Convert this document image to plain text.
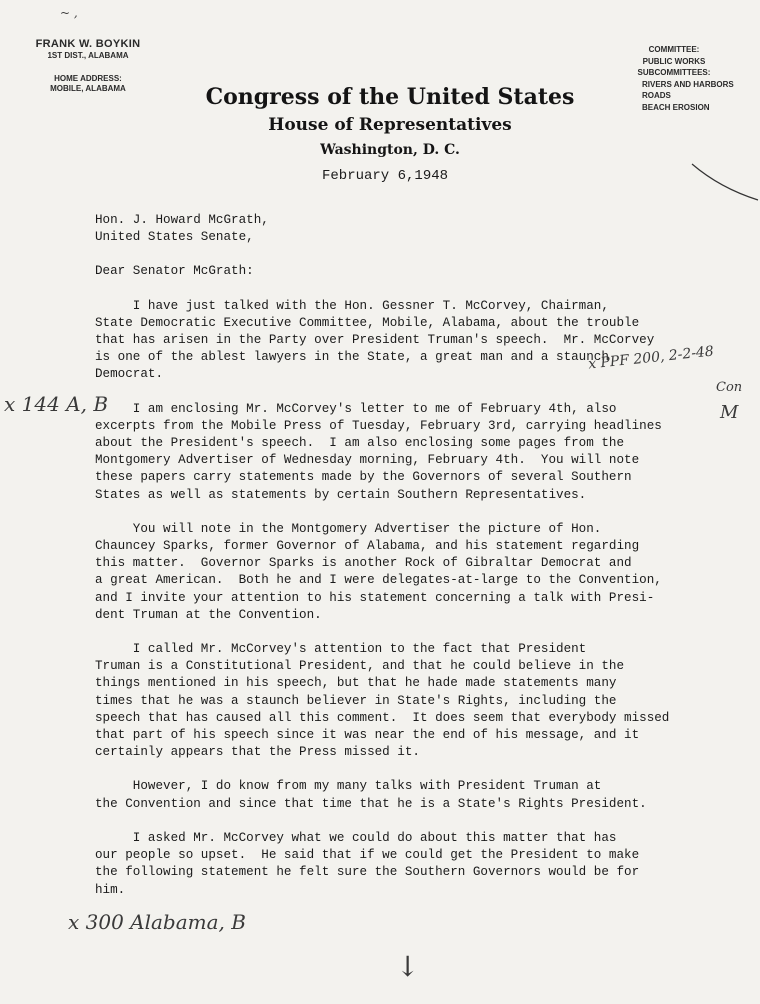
~ ,
FRANK W. BOYKIN
1ST DIST., ALABAMA
HOME ADDRESS:
MOBILE, ALABAMA
COMMITTEE:
PUBLIC WORKS
SUBCOMMITTEES:
RIVERS AND HARBORS
ROADS
BEACH EROSION
Congress of the United States
House of Representatives
Washington, D. C.
February 6,1948
Hon. J. Howard McGrath,
United States Senate,
Dear Senator McGrath:
I have just talked with the Hon. Gessner T. McCorvey, Chairman,
State Democratic Executive Committee, Mobile, Alabama, about the trouble
that has arisen in the Party over President Truman's speech.  Mr. McCorvey
is one of the ablest lawyers in the State, a great man and a staunch
Democrat.
I am enclosing Mr. McCorvey's letter to me of February 4th, also
excerpts from the Mobile Press of Tuesday, February 3rd, carrying headlines
about the President's speech.  I am also enclosing some pages from the
Montgomery Advertiser of Wednesday morning, February 4th.  You will note
these papers carry statements made by the Governors of several Southern
States as well as statements by certain Southern Representatives.
You will note in the Montgomery Advertiser the picture of Hon.
Chauncey Sparks, former Governor of Alabama, and his statement regarding
this matter.  Governor Sparks is another Rock of Gibraltar Democrat and
a great American.  Both he and I were delegates-at-large to the Convention,
and I invite your attention to his statement concerning a talk with Presi-
dent Truman at the Convention.
I called Mr. McCorvey's attention to the fact that President
Truman is a Constitutional President, and that he could believe in the
things mentioned in his speech, but that he hade made statements many
times that he was a staunch believer in State's Rights, including the
speech that has caused all this comment.  It does seem that everybody missed
that part of his speech since it was near the end of his message, and it
certainly appears that the Press missed it.
However, I do know from my many talks with President Truman at
the Convention and since that time that he is a State's Rights President.
I asked Mr. McCorvey what we could do about this matter that has
our people so upset.  He said that if we could get the President to make
the following statement he felt sure the Southern Governors would be for
him.
x 144 A, B
x PPF 200, 2-2-48
Con
M
x 300 Alabama, B
↓
